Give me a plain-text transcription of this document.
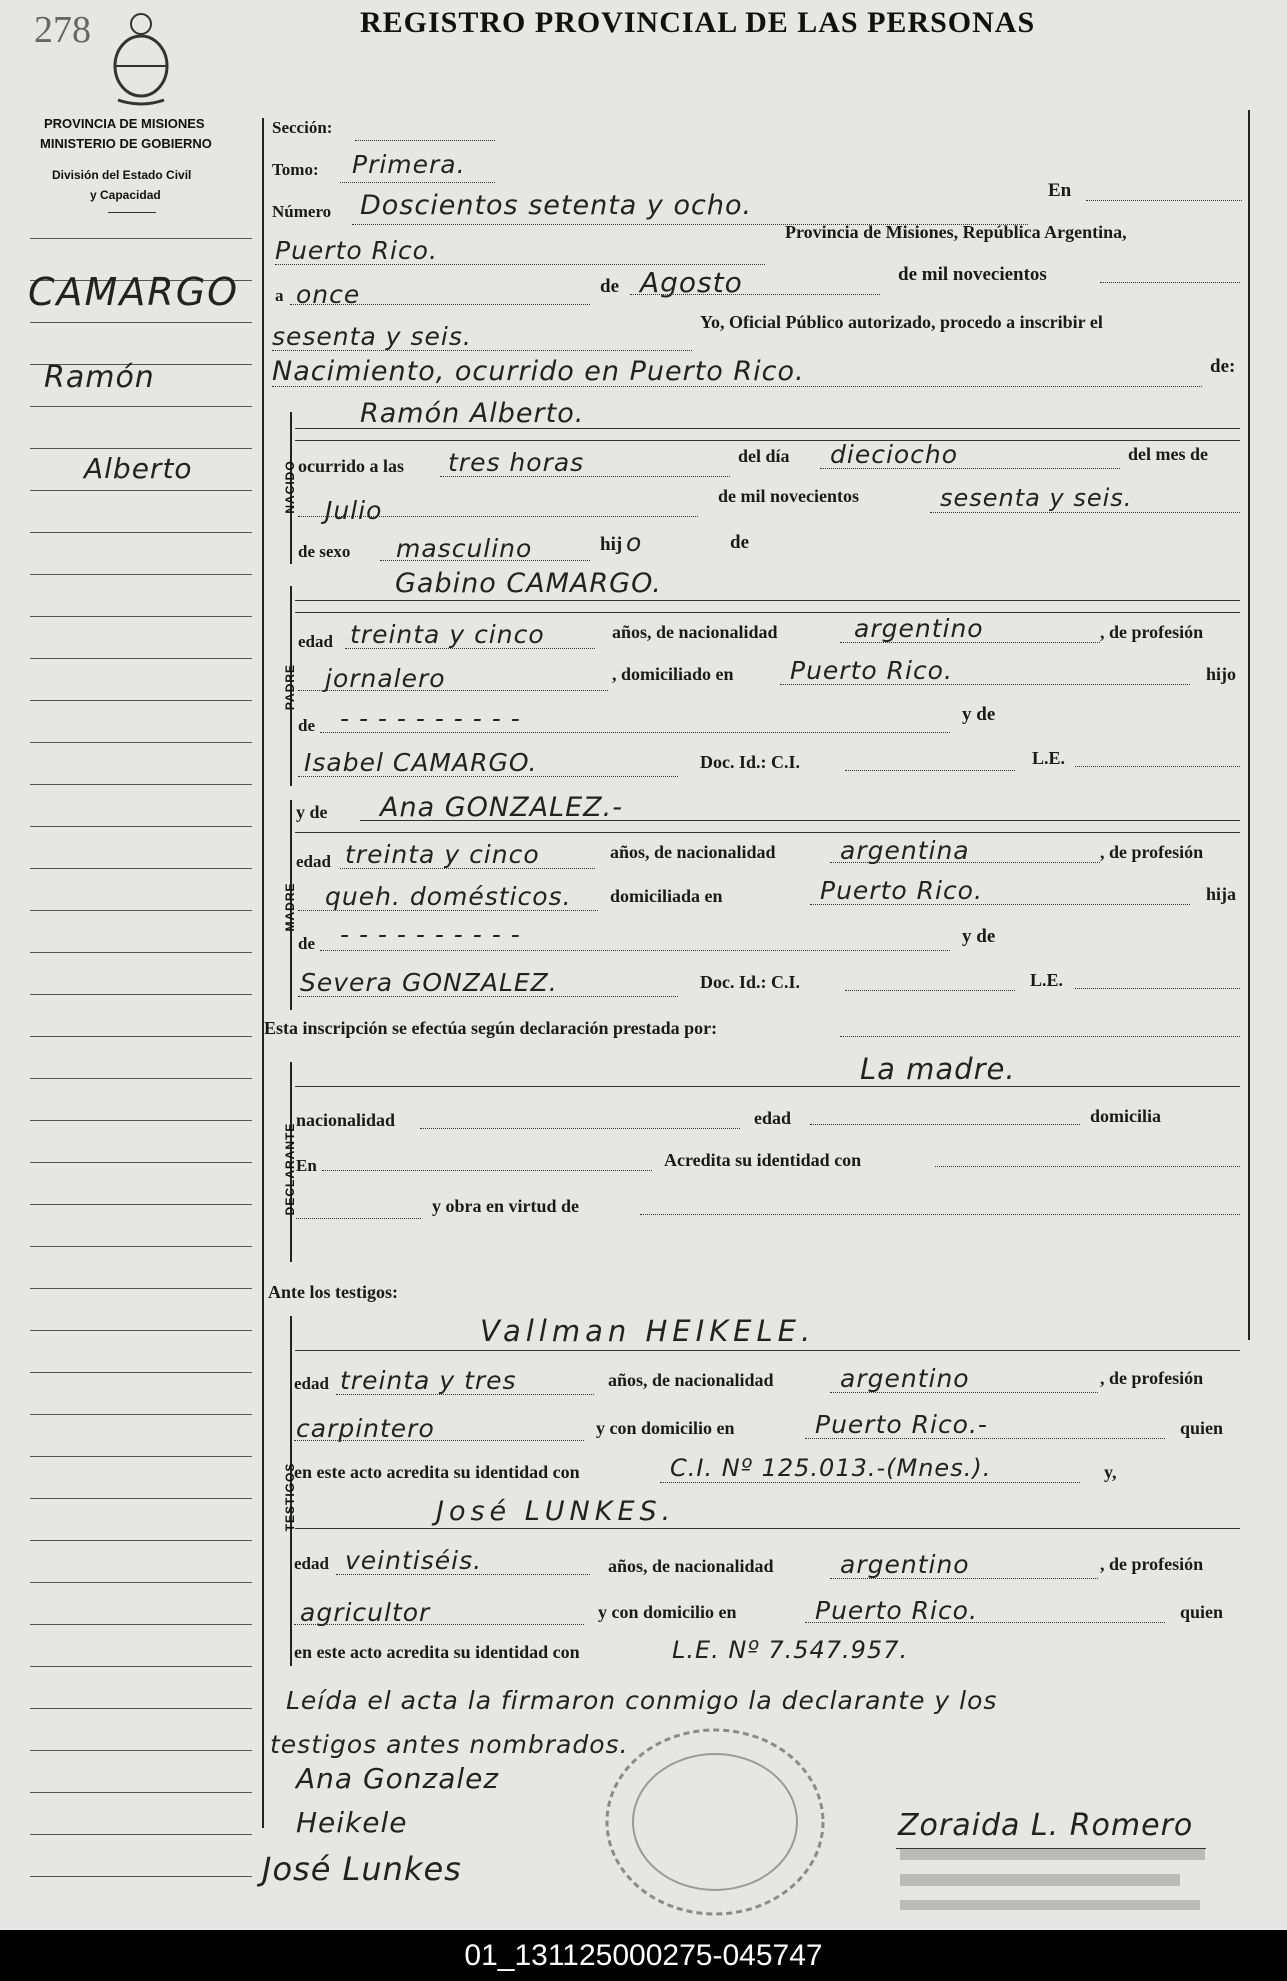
278	REGISTRO PROVINCIAL DE LAS PERSONAS
PROVINCIA DE MISIONES
MINISTERIO DE GOBIERNO
División del Estado Civil
y Capacidad
CAMARGO
Ramón
Alberto
Sección:
Tomo: Primera.
Número Doscientos setenta y ocho.	En
Puerto Rico.
Provincia de Misiones, República Argentina,
a once	de Agosto	de mil novecientos
sesenta y seis.	Yo, Oficial Público autorizado, procedo a inscribir el
Nacimiento, ocurrido en Puerto Rico.	de:
NACIDO
Ramón Alberto.
ocurrido a las tres horas	del día dieciocho	del mes de
Julio	de mil novecientos	sesenta y seis.
de sexo masculino	hij o	de
PADRE
Gabino CAMARGO.
edad treinta y cinco	años, de nacionalidad	argentino	, de profesión
jornalero	, domiciliado en Puerto Rico.	hijo
de - - - - - - - - - -	y de
Isabel CAMARGO.	Doc. Id.: C.I.	L.E.
MADRE
y de Ana GONZALEZ.-
edad treinta y cinco	años, de nacionalidad	argentina	, de profesión
queh. domésticos. domiciliada en	Puerto Rico.	hija
de - - - - - - - - - -	y de
Severa GONZALEZ.	Doc. Id.: C.I.	L.E.
Esta inscripción se efectúa según declaración prestada por:
DECLARANTE
La madre.
nacionalidad	edad	domicilia
En	Acredita su identidad con
y obra en virtud de
Ante los testigos:
TESTIGOS
Vallman HEIKELE.
edad treinta y tres	años, de nacionalidad	argentino	, de profesión
carpintero	y con domicilio en	Puerto Rico.-	quien
en este acto acredita su identidad con	C.I. Nº 125.013.-(Mnes.).	y,
José LUNKES.
edad veintiséis.	años, de nacionalidad	argentino	, de profesión
agricultor	y con domicilio en	Puerto Rico.	quien
en este acto acredita su identidad con	L.E. Nº 7.547.957.
Leída el acta la firmaron conmigo la declarante y los
testigos antes nombrados.
Ana Gonzalez
Heikele
José Lunkes
Zoraida L. Romero
01_131125000275-045747
